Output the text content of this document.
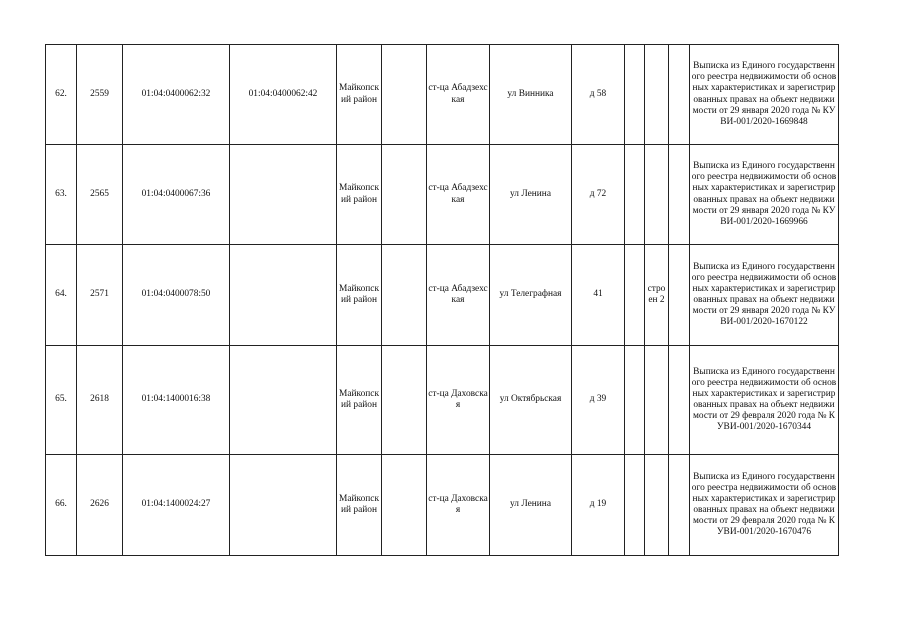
62.	2559	01:04:0400062:32	01:04:0400062:42	Майкопский район		ст-ца Абадзехская	ул Винника	д 58				Выписка из Единого государственного реестра недвижимости об основных характеристиках и зарегистрированных правах на объект недвижимости от 29 января 2020 года № КУВИ-001/2020-1669848
63.	2565	01:04:0400067:36		Майкопский район		ст-ца Абадзехская	ул Ленина	д 72				Выписка из Единого государственного реестра недвижимости об основных характеристиках и зарегистрированных правах на объект недвижимости от 29 января 2020 года № КУВИ-001/2020-1669966
64.	2571	01:04:0400078:50		Майкопский район		ст-ца Абадзехская	ул Телеграфная	41		строен 2		Выписка из Единого государственного реестра недвижимости об основных характеристиках и зарегистрированных правах на объект недвижимости от 29 января 2020 года № КУВИ-001/2020-1670122
65.	2618	01:04:1400016:38		Майкопский район		ст-ца Даховская	ул Октябрьская	д 39				Выписка из Единого государственного реестра недвижимости об основных характеристиках и зарегистрированных правах на объект недвижимости от 29 февраля 2020 года № КУВИ-001/2020-1670344
66.	2626	01:04:1400024:27		Майкопский район		ст-ца Даховская	ул Ленина	д 19				Выписка из Единого государственного реестра недвижимости об основных характеристиках и зарегистрированных правах на объект недвижимости от 29 февраля 2020 года № КУВИ-001/2020-1670476
